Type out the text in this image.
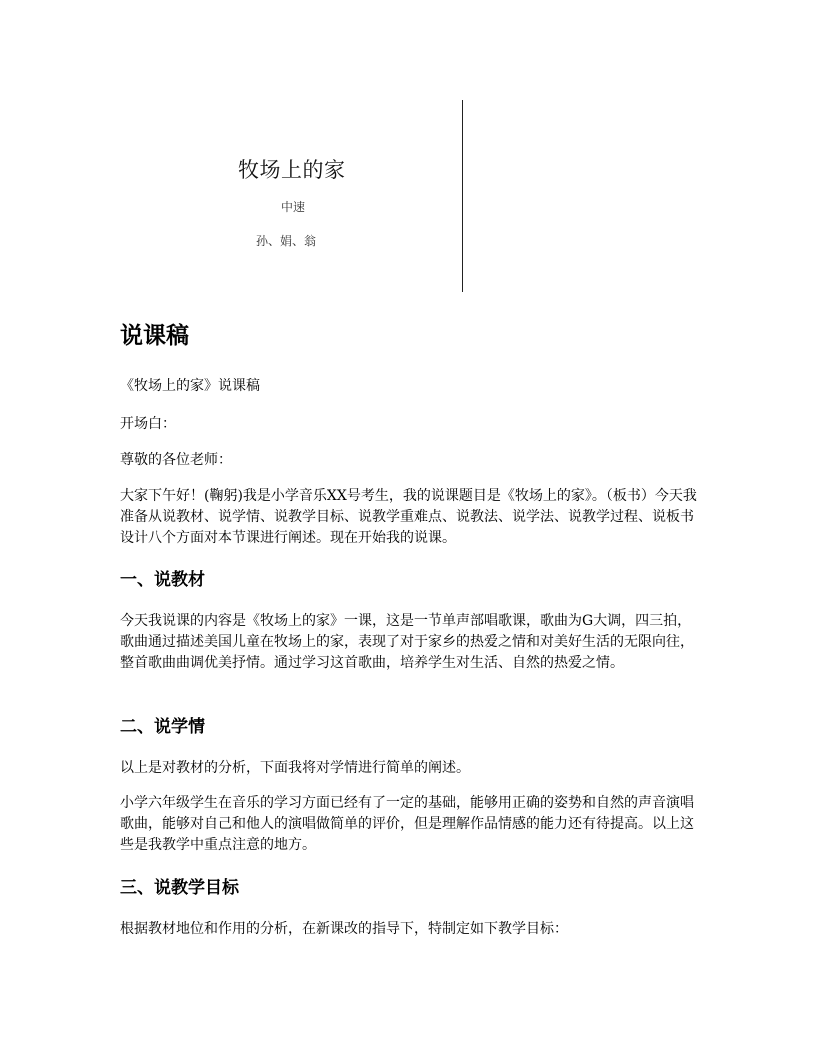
牧场上的家
中速
孙、娟、翁
说课稿

《牧场上的家》说课稿

开场白：

尊敬的各位老师：

大家下午好！(鞠躬)我是小学音乐XX号考生，我的说课题目是《牧场上的家》。（板书）今天我准备从说教材、说学情、说教学目标、说教学重难点、说教法、说学法、说教学过程、说板书设计八个方面对本节课进行阐述。现在开始我的说课。

一、说教材

今天我说课的内容是《牧场上的家》一课，这是一节单声部唱歌课，歌曲为G大调，四三拍，歌曲通过描述美国儿童在牧场上的家，表现了对于家乡的热爱之情和对美好生活的无限向往，整首歌曲曲调优美抒情。通过学习这首歌曲，培养学生对生活、自然的热爱之情。

二、说学情

以上是对教材的分析，下面我将对学情进行简单的阐述。

小学六年级学生在音乐的学习方面已经有了一定的基础，能够用正确的姿势和自然的声音演唱歌曲，能够对自己和他人的演唱做简单的评价，但是理解作品情感的能力还有待提高。以上这些是我教学中重点注意的地方。

三、说教学目标

根据教材地位和作用的分析，在新课改的指导下，特制定如下教学目标：
